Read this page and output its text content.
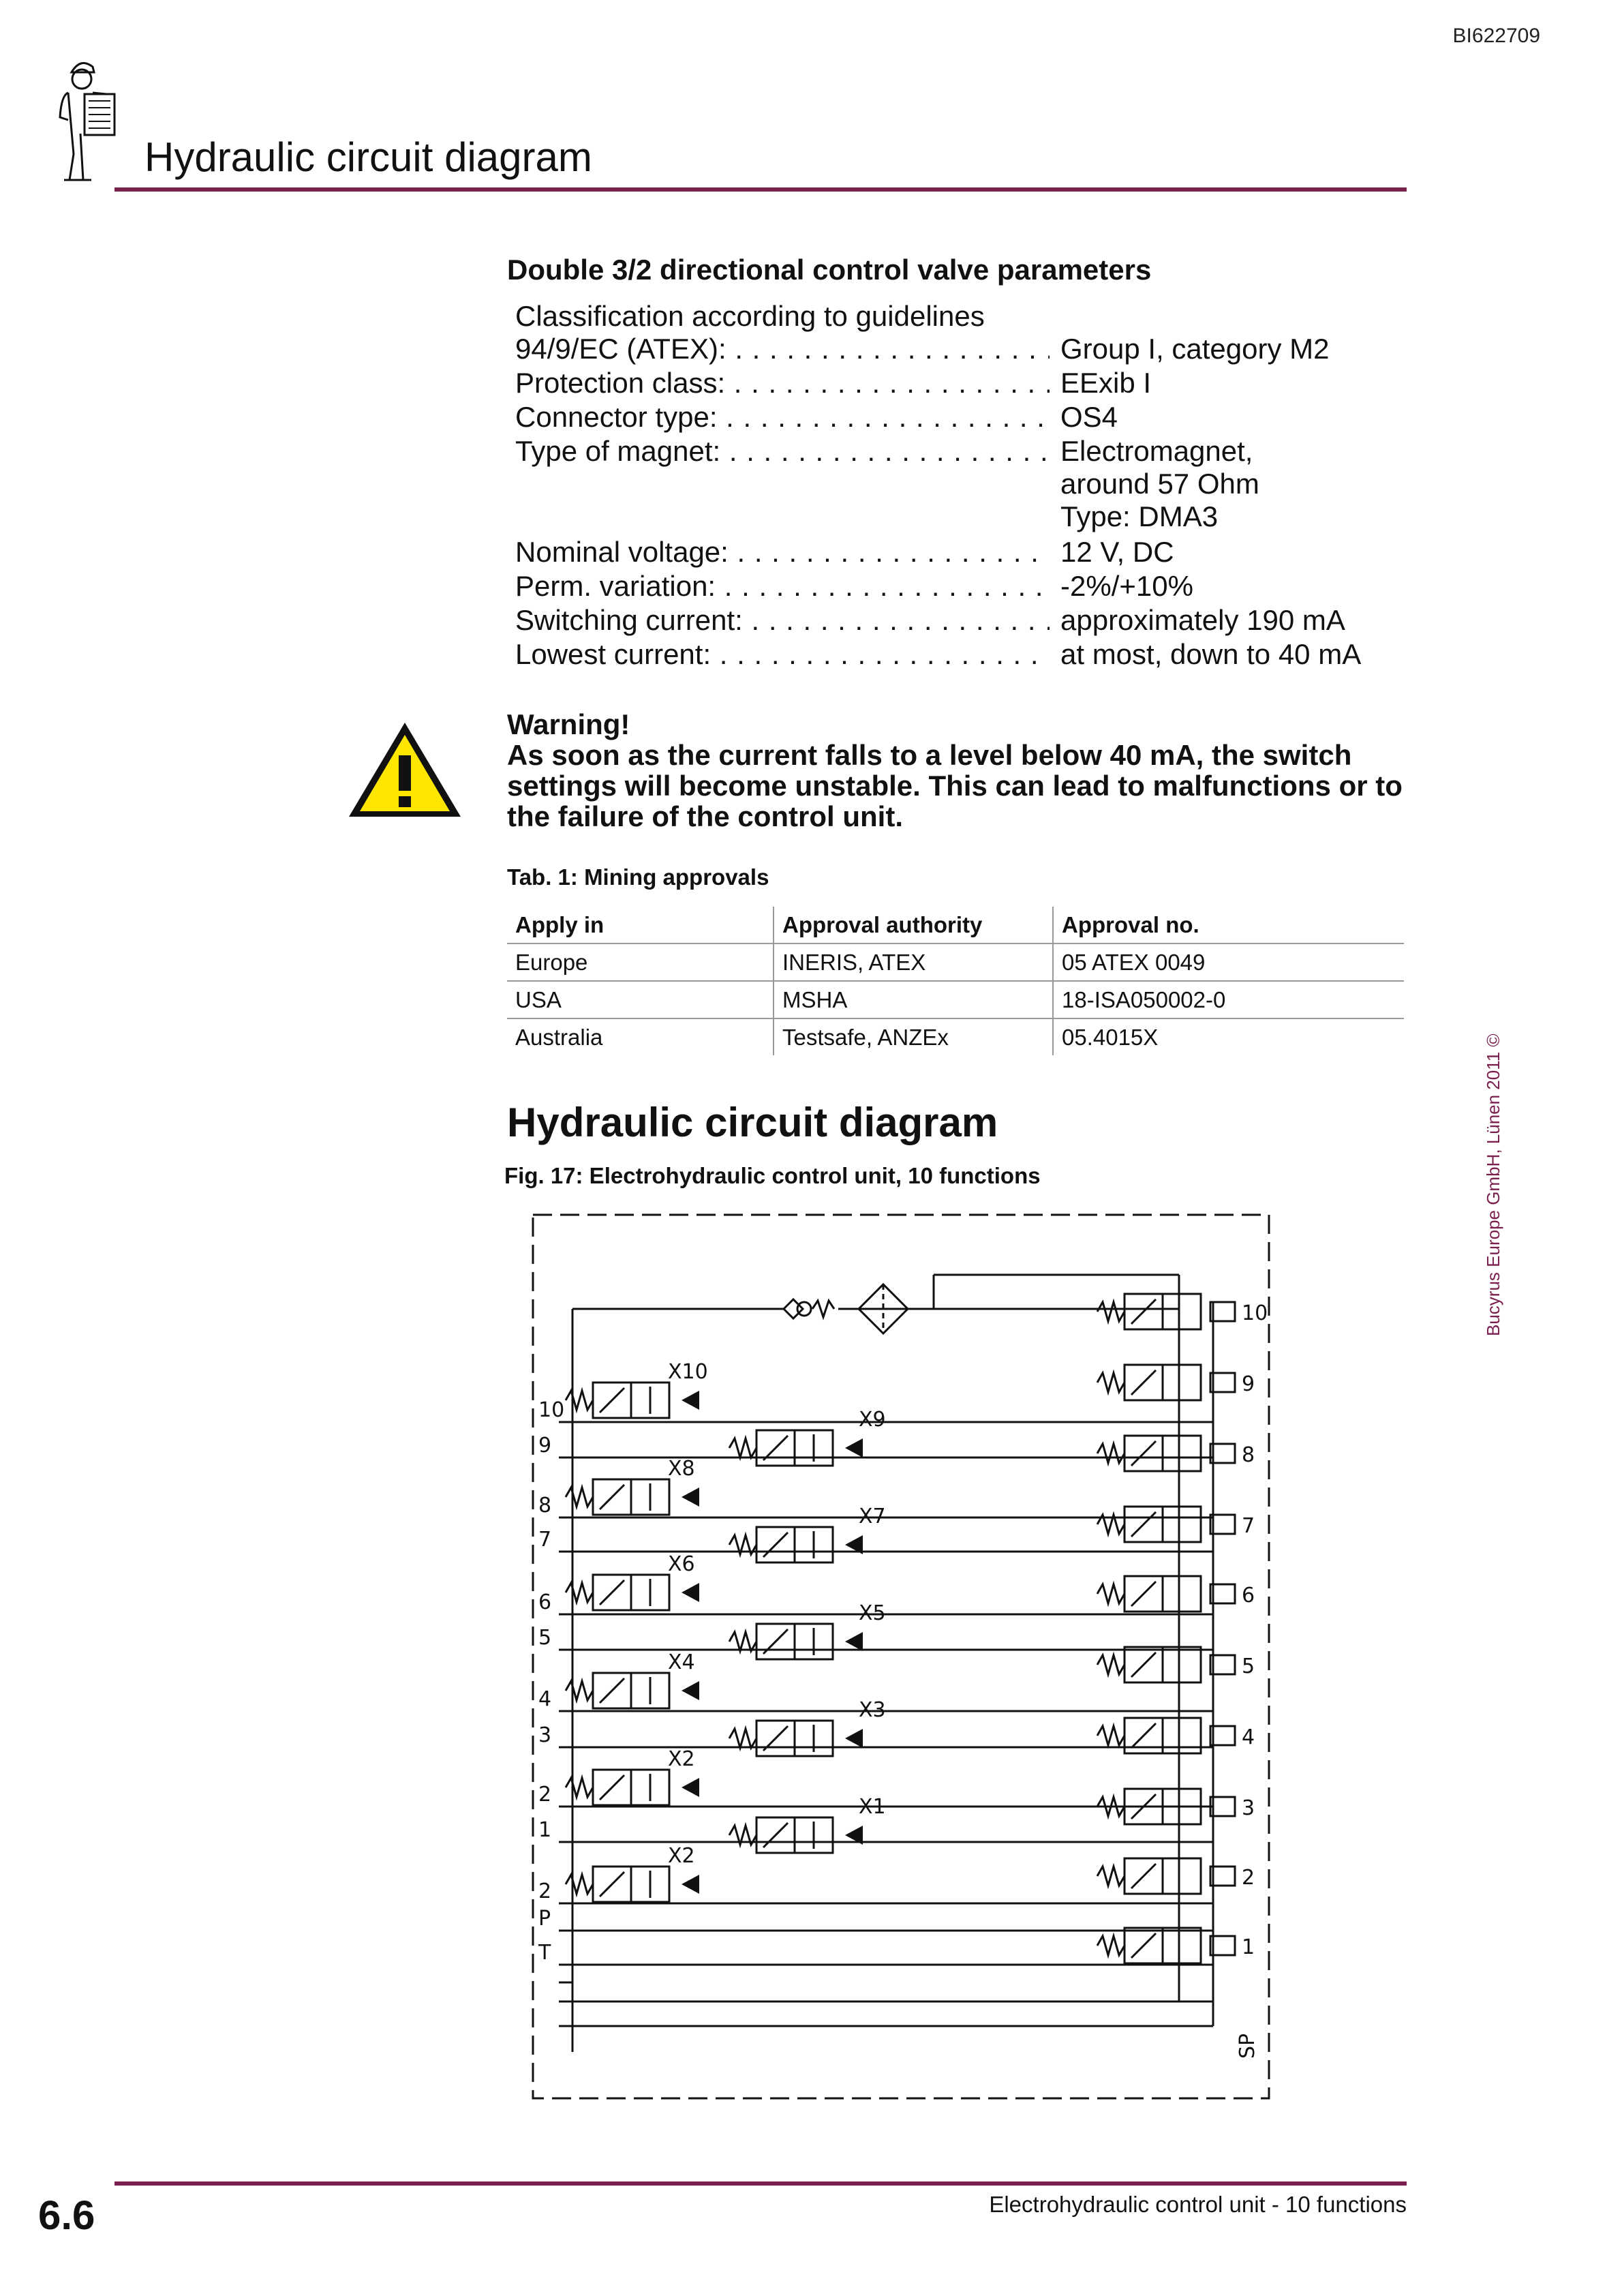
BI622709
Hydraulic circuit diagram
Double 3/2 directional control valve parameters
Classification according to guidelines
94/9/EC (ATEX): . . .	Group I, category M2
Protection class: . . .	EExib I
Connector type: . . .	OS4
Type of magnet: . . .	Electromagnet,
around 57 Ohm
Type: DMA3
Nominal voltage: . . .	12 V, DC
Perm. variation: . . .	-2%/+10%
Switching current: . . .	approximately 190 mA
Lowest current: . . .	at most, down to 40 mA
Warning!
As soon as the current falls to a level below 40 mA, the switch settings will become unstable. This can lead to malfunctions or to the failure of the control unit.
Tab. 1: Mining approvals
Apply in	Approval authority	Approval no.
Europe	INERIS, ATEX	05 ATEX 0049
USA	MSHA	18-ISA050002-0
Australia	Testsafe, ANZEx	05.4015X
Hydraulic circuit diagram
Fig. 17: Electrohydraulic control unit, 10 functions
10
9
8
7
6
5
4
3
2
1
2
P
T
X10
X8
X6
X4
X2
X2
X9
X7
X5
X3
X1
10
9
8
7
6
5
4
3
2
1
SP
Bucyrus Europe GmbH, Lünen 2011 ©
6.6	Electrohydraulic control unit - 10 functions
